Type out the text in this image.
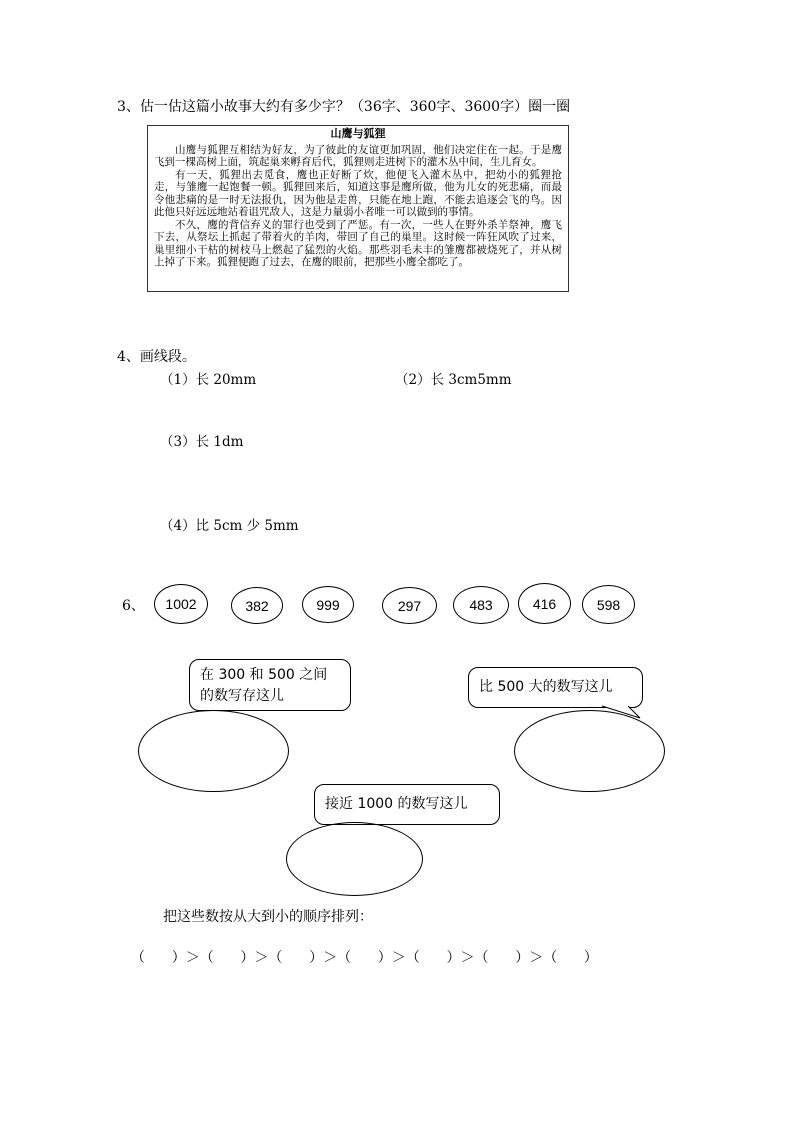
3、估一估这篇小故事大约有多少字？（36字、360字、3600字）圈一圈
山鹰与狐狸

山鹰与狐狸互相结为好友，为了彼此的友谊更加巩固，他们决定住在一起。于是鹰飞到一棵高树上面，筑起巢来孵育后代，狐狸则走进树下的灌木丛中间，生儿育女。

有一天，狐狸出去觅食，鹰也正好断了炊，他便飞入灌木丛中，把幼小的狐狸抢走，与雏鹰一起饱餐一顿。狐狸回来后，知道这事是鹰所做，他为儿女的死悲痛，而最令他悲痛的是一时无法报仇，因为他是走兽，只能在地上跑，不能去追逐会飞的鸟。因此他只好远远地站着诅咒敌人，这是力量弱小者唯一可以做到的事情。

不久，鹰的背信弃义的罪行也受到了严惩。有一次，一些人在野外杀羊祭神，鹰飞下去，从祭坛上抓起了带着火的羊肉，带回了自己的巢里。这时候一阵狂风吹了过来，巢里细小干枯的树枝马上燃起了猛烈的火焰。那些羽毛未丰的雏鹰都被烧死了，并从树上掉了下来。狐狸便跑了过去，在鹰的眼前，把那些小鹰全都吃了。

4、画线段。
（1）长 20mm	（2）长 3cm5mm
（3）长 1dm
（4）比 5cm 少 5mm
6、	1002	382	999	297	483	416	598
在 300 和 500 之间
的数写存这儿
比 500 大的数写这儿
接近 1000 的数写这儿
把这些数按从大到小的顺序排列：
（      ）＞（      ）＞（      ）＞（      ）＞（      ）＞（      ）＞（      ）
